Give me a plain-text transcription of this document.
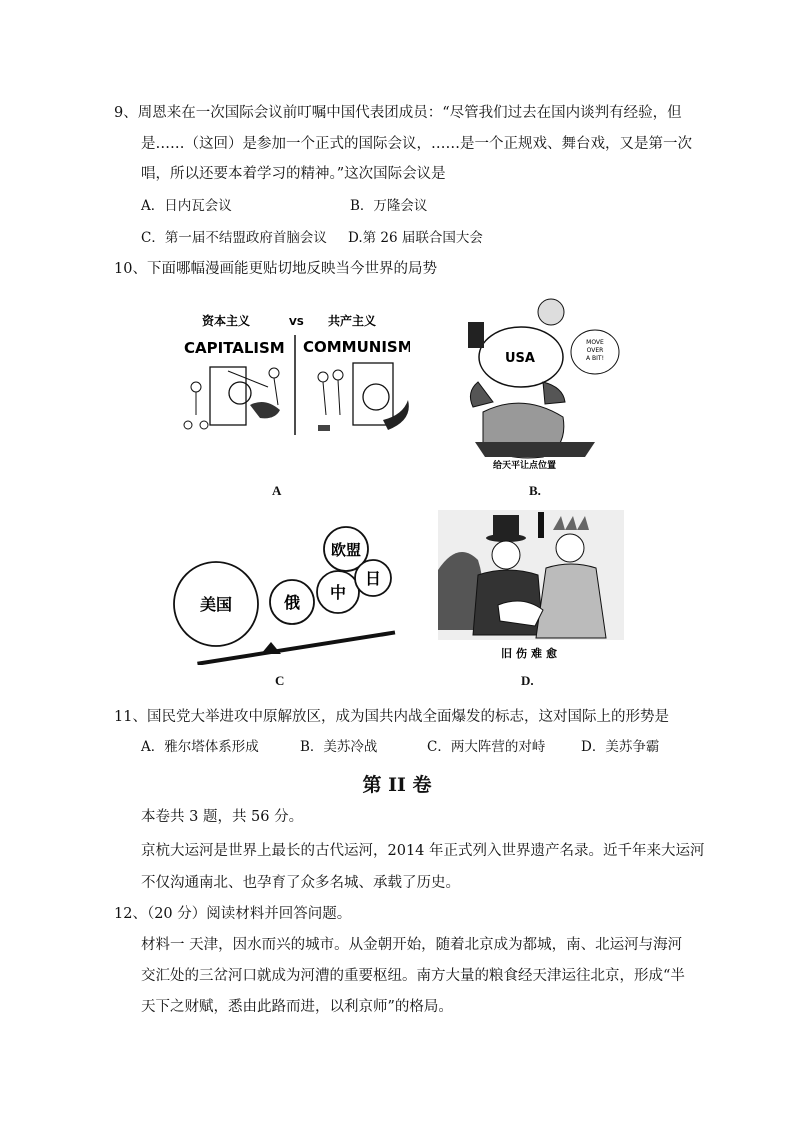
9、周恩来在一次国际会议前叮嘱中国代表团成员：“尽管我们过去在国内谈判有经验，但
是……（这回）是参加一个正式的国际会议，……是一个正规戏、舞台戏，又是第一次
唱，所以还要本着学习的精神。”这次国际会议是
A．日内瓦会议	B．万隆会议
C．第一届不结盟政府首脑会议 D.第 26 届联合国大会
10、下面哪幅漫画能更贴切地反映当今世界的局势
资本主义	VS 共产主义
CAPITALISM COMMUNISM
A
USA
MOVE OVER A BIT!
给天平让点位置
B.
美国	俄
中
欧盟
日
C
旧伤难愈
D.
11、国民党大举进攻中原解放区，成为国共内战全面爆发的标志，这对国际上的形势是
A．雅尔塔体系形成	B．美苏冷战	C．两大阵营的对峙	D．美苏争霸
第 II 卷
本卷共 3 题，共 56 分。
京杭大运河是世界上最长的古代运河，2014 年正式列入世界遗产名录。近千年来大运河
不仅沟通南北、也孕育了众多名城、承载了历史。
12、（20 分）阅读材料并回答问题。
材料一 天津，因水而兴的城市。从金朝开始，随着北京成为都城，南、北运河与海河
交汇处的三岔河口就成为河漕的重要枢纽。南方大量的粮食经天津运往北京，形成“半
天下之财赋，悉由此路而进，以利京师”的格局。
